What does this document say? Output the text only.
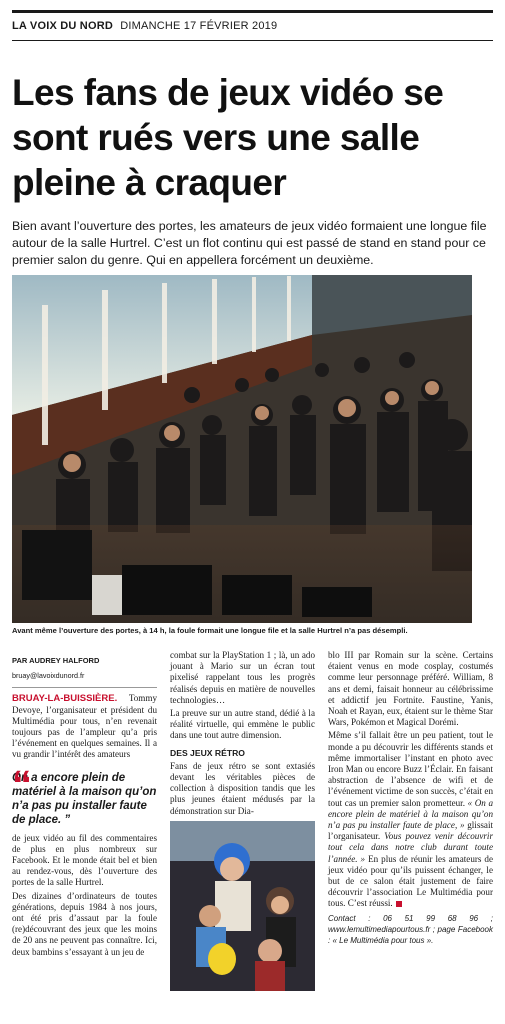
LA VOIX DU NORD DIMANCHE 17 FÉVRIER 2019
Les fans de jeux vidéo se sont rués vers une salle pleine à craquer

Bien avant l’ouverture des portes, les amateurs de jeux vidéo formaient une longue file autour de la salle Hurtrel. C’est un flot continu qui est passé de stand en stand pour ce premier salon du genre. Qui en appellera forcément un deuxième.

Avant même l’ouverture des portes, à 14 h, la foule formait une longue file et la salle Hurtrel n’a pas désempli.

PAR AUDREY HALFORD
bruay@lavoixdunord.fr

BRUAY-LA-BUISSIÈRE. Tommy Devoye, l’organisateur et président du Multimédia pour tous, n’en revenait toujours pas de l’ampleur qu’a pris l’événement en quelques semaines. Il a vu grandir l’intérêt des amateurs

“

On a encore plein de matériel à la maison qu’on n’a pas pu installer faute de place. ”

de jeux vidéo au fil des commentaires de plus en plus nombreux sur Facebook. Et le monde était bel et bien au rendez-vous, dès l’ouverture des portes de la salle Hurtrel.

Des dizaines d’ordinateurs de toutes générations, depuis 1984 à nos jours, ont été pris d’assaut par la foule (re)découvrant des jeux que les moins de 20 ans ne peuvent pas connaître. Ici, deux bambins s’essayant à un jeu de

combat sur la PlayStation 1 ; là, un ado jouant à Mario sur un écran tout pixelisé rappelant tous les progrès réalisés depuis en matière de nouvelles technologies…

La preuve sur un autre stand, dédié à la réalité virtuelle, qui emmène le public dans une tout autre dimension.

DES JEUX RÉTRO

Fans de jeux rétro se sont extasiés devant les véritables pièces de collection à disposition tandis que les plus jeunes étaient médusés par la démonstration sur Dia-

blo III par Romain sur la scène. Certains étaient venus en mode cosplay, costumés comme leur personnage préféré. William, 8 ans et demi, faisait honneur au célébrissime et addictif jeu Fortnite. Faustine, Yanis, Noah et Rayan, eux, étaient sur le thème Star Wars, Pokémon et Magical Dorémi.

Même s’il fallait être un peu patient, tout le monde a pu découvrir les différents stands et même immortaliser l’instant en photo avec Iron Man ou encore Buzz l’Éclair. En faisant abstraction de l’absence de wifi et de l’événement victime de son succès, c’était en tout cas un premier salon prometteur. « On a encore plein de matériel à la maison qu’on n’a pas pu installer faute de place, » glissait l’organisateur. Vous pouvez venir découvrir tout cela dans notre club durant toute l’année. » En plus de réunir les amateurs de jeux vidéo pour qu’ils puissent échanger, le but de ce salon était justement de faire découvrir l’association Le Multimédia pour tous. C’est réussi.

Contact : 06 51 99 68 96 ; www.lemultimediapourtous.fr ; page Facebook : « Le Multimédia pour tous ».
